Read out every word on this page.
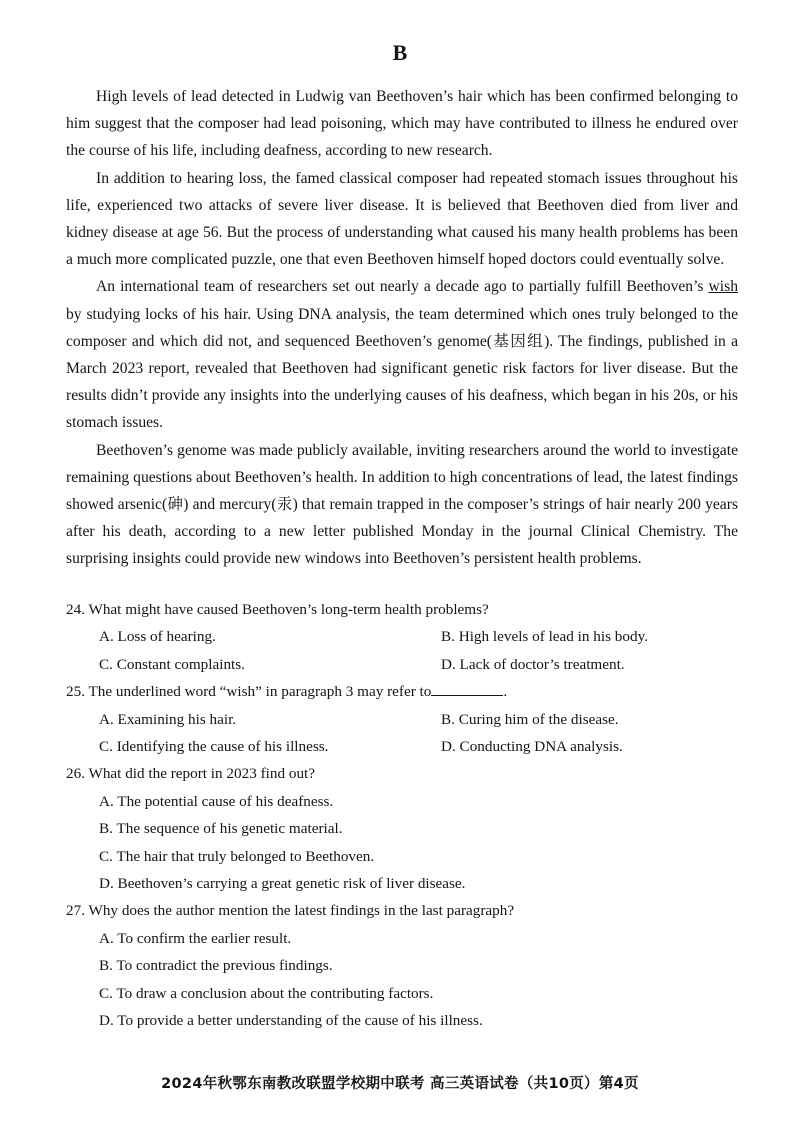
B

High levels of lead detected in Ludwig van Beethoven’s hair which has been confirmed belonging to him suggest that the composer had lead poisoning, which may have contributed to illness he endured over the course of his life, including deafness, according to new research.

In addition to hearing loss, the famed classical composer had repeated stomach issues throughout his life, experienced two attacks of severe liver disease. It is believed that Beethoven died from liver and kidney disease at age 56. But the process of understanding what caused his many health problems has been a much more complicated puzzle, one that even Beethoven himself hoped doctors could eventually solve.

An international team of researchers set out nearly a decade ago to partially fulfill Beethoven’s wish by studying locks of his hair. Using DNA analysis, the team determined which ones truly belonged to the composer and which did not, and sequenced Beethoven’s genome(基因组). The findings, published in a March 2023 report, revealed that Beethoven had significant genetic risk factors for liver disease. But the results didn’t provide any insights into the underlying causes of his deafness, which began in his 20s, or his stomach issues.

Beethoven’s genome was made publicly available, inviting researchers around the world to investigate remaining questions about Beethoven’s health. In addition to high concentrations of lead, the latest findings showed arsenic(砷) and mercury(汞) that remain trapped in the composer’s strings of hair nearly 200 years after his death, according to a new letter published Monday in the journal Clinical Chemistry. The surprising insights could provide new windows into Beethoven’s persistent health problems.

24. What might have caused Beethoven’s long-term health problems?

A. Loss of hearing.	B. High levels of lead in his body.
C. Constant complaints.	D. Lack of doctor’s treatment.

25. The underlined word “wish” in paragraph 3 may refer to	.

A. Examining his hair.	B. Curing him of the disease.
C. Identifying the cause of his illness.	D. Conducting DNA analysis.

26. What did the report in 2023 find out?

A. The potential cause of his deafness.
B. The sequence of his genetic material.
C. The hair that truly belonged to Beethoven.
D. Beethoven’s carrying a great genetic risk of liver disease.

27. Why does the author mention the latest findings in the last paragraph?

A. To confirm the earlier result.
B. To contradict the previous findings.
C. To draw a conclusion about the contributing factors.
D. To provide a better understanding of the cause of his illness.
2024年秋鄂东南教改联盟学校期中联考 高三英语试卷（共10页）第4页
